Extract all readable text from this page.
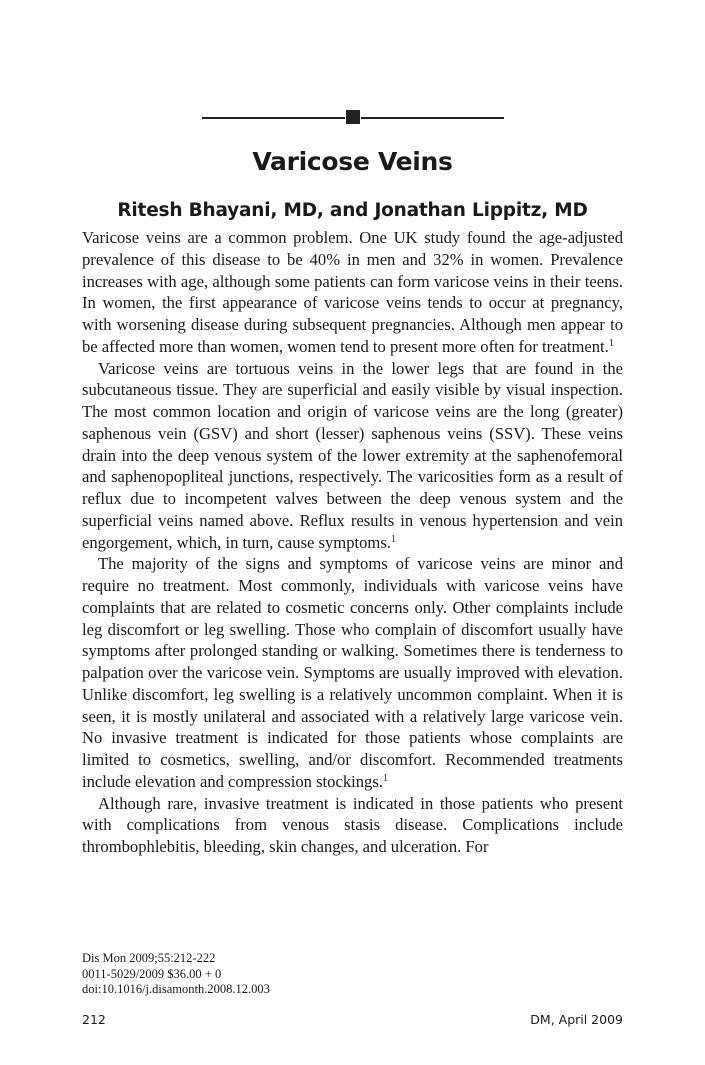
Varicose Veins
Ritesh Bhayani, MD, and Jonathan Lippitz, MD

Varicose veins are a common problem. One UK study found the age-adjusted prevalence of this disease to be 40% in men and 32% in women. Prevalence increases with age, although some patients can form varicose veins in their teens. In women, the first appearance of varicose veins tends to occur at pregnancy, with worsening disease during subsequent pregnancies. Although men appear to be affected more than women, women tend to present more often for treatment.$^1$

Varicose veins are tortuous veins in the lower legs that are found in the subcutaneous tissue. They are superficial and easily visible by visual inspection. The most common location and origin of varicose veins are the long (greater) saphenous vein (GSV) and short (lesser) saphenous veins (SSV). These veins drain into the deep venous system of the lower extremity at the saphenofemoral and saphenopopliteal junctions, respectively. The varicosities form as a result of reflux due to incompetent valves between the deep venous system and the superficial veins named above. Reflux results in venous hypertension and vein engorgement, which, in turn, cause symptoms.$^1$

The majority of the signs and symptoms of varicose veins are minor and require no treatment. Most commonly, individuals with varicose veins have complaints that are related to cosmetic concerns only. Other complaints include leg discomfort or leg swelling. Those who complain of discomfort usually have symptoms after prolonged standing or walking. Sometimes there is tenderness to palpation over the varicose vein. Symptoms are usually improved with elevation. Unlike discomfort, leg swelling is a relatively uncommon complaint. When it is seen, it is mostly unilateral and associated with a relatively large varicose vein. No invasive treatment is indicated for those patients whose complaints are limited to cosmetics, swelling, and/or discomfort. Recommended treatments include elevation and compression stockings.$^1$

Although rare, invasive treatment is indicated in those patients who present with complications from venous stasis disease. Complications include thrombophlebitis, bleeding, skin changes, and ulceration. For

Dis Mon 2009;55:212-222
0011-5029/2009 $36.00 + 0
doi:10.1016/j.disamonth.2008.12.003
212	DM, April 2009
